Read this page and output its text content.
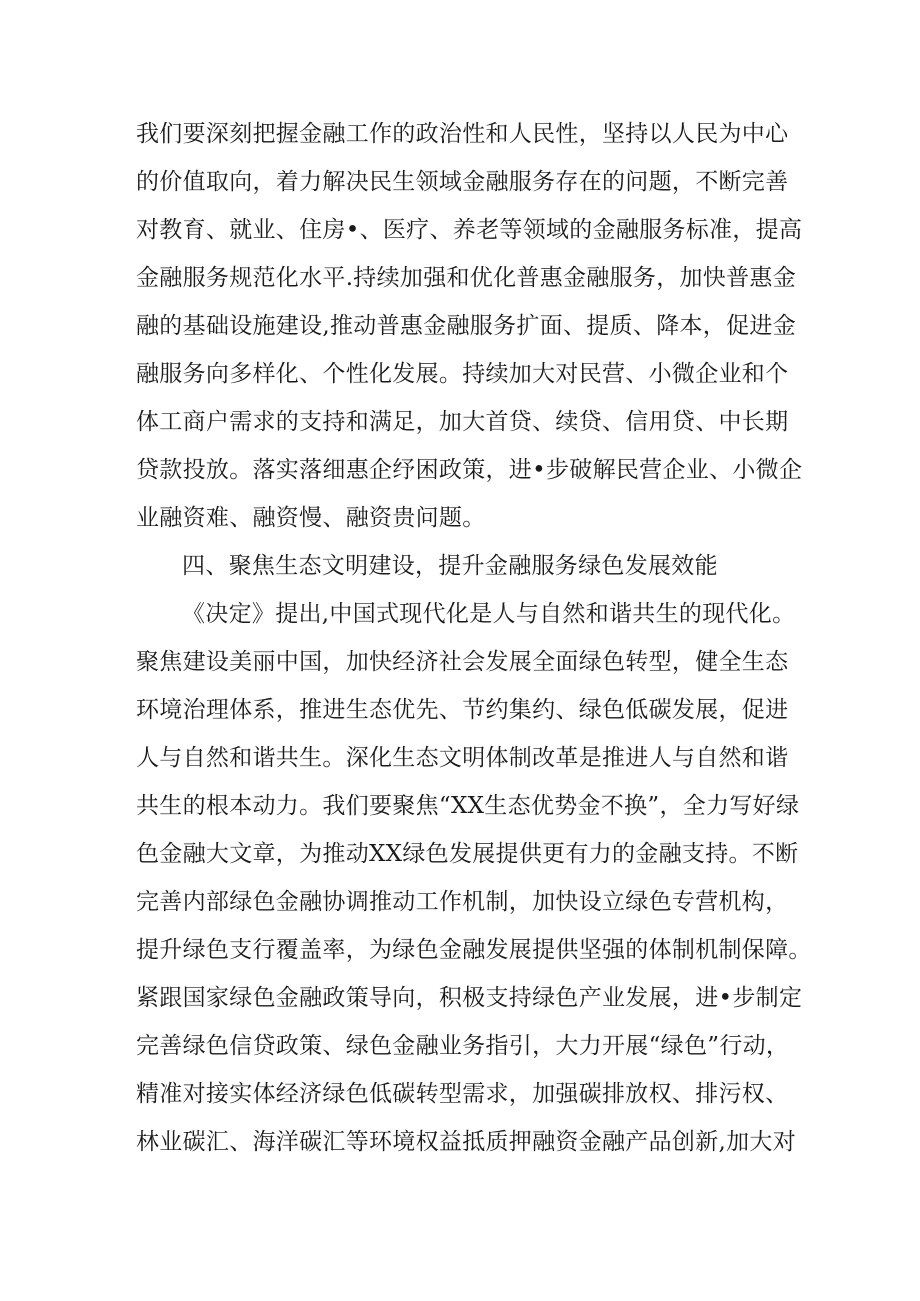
我们要深刻把握金融工作的政治性和人民性，坚持以人民为中心
的价值取向，着力解决民生领域金融服务存在的问题，不断完善
对教育、就业、住房•、医疗、养老等领域的金融服务标准，提高
金融服务规范化水平.持续加强和优化普惠金融服务，加快普惠金
融的基础设施建设,推动普惠金融服务扩面、提质、降本，促进金
融服务向多样化、个性化发展。持续加大对民营、小微企业和个
体工商户需求的支持和满足，加大首贷、续贷、信用贷、中长期
贷款投放。落实落细惠企纾困政策，进•步破解民营企业、小微企
业融资难、融资慢、融资贵问题。
四、聚焦生态文明建设，提升金融服务绿色发展效能
《决定》提出,中国式现代化是人与自然和谐共生的现代化。
聚焦建设美丽中国，加快经济社会发展全面绿色转型，健全生态
环境治理体系，推进生态优先、节约集约、绿色低碳发展，促进
人与自然和谐共生。深化生态文明体制改革是推进人与自然和谐
共生的根本动力。我们要聚焦“XX生态优势金不换”，全力写好绿
色金融大文章，为推动XX绿色发展提供更有力的金融支持。不断
完善内部绿色金融协调推动工作机制，加快设立绿色专营机构，
提升绿色支行覆盖率，为绿色金融发展提供坚强的体制机制保障。
紧跟国家绿色金融政策导向，积极支持绿色产业发展，进•步制定
完善绿色信贷政策、绿色金融业务指引，大力开展“绿色”行动，
精准对接实体经济绿色低碳转型需求，加强碳排放权、排污权、
林业碳汇、海洋碳汇等环境权益抵质押融资金融产品创新,加大对
